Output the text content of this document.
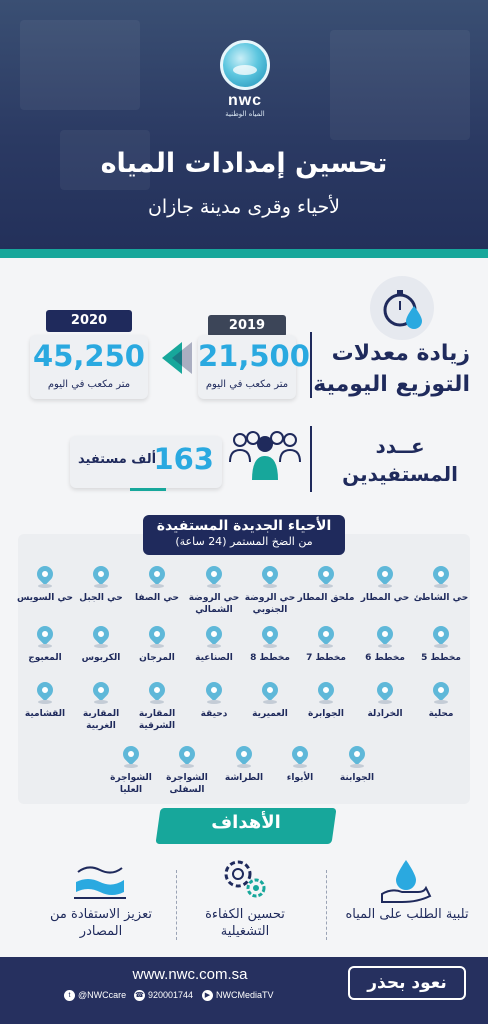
nwc
المياه الوطنية
تحسين إمدادات المياه
لأحياء وقرى مدينة جازان
زيادة معدلات
التوزيع اليومية
2019
21,500
متر مكعب في اليوم
2020
45,250
متر مكعب في اليوم
عــدد
المستفيدين
163
ألف مستفيد
الأحياء الجديدة المستفيدة
من الضخ المستمر (24 ساعة)
حي الشاطئ
حي المطار
ملحق المطار
حي الروضة الجنوبي
حي الروضة الشمالي
حي الصفا
حي الجبل
حي السويس
مخطط 5
مخطط 6
مخطط 7
مخطط 8
الصناعية
المرجان
الكربوس
المعبوج
محلية
الخرادلة
الجوابرة
العميرية
دحيقة
المقاربة الشرقية
المقاربة الغربية
القشامية
الجوابنة
الأبواء
الطراشة
الشواجرة السفلى
الشواجرة العليا
الأهداف
تلبية الطلب على المياه
تحسين الكفاءة التشغيلية
تعزيز الاستفادة من المصادر
نعود بحذر
www.nwc.com.sa
t @NWCcare ☎ 920001744	▶ NWCMediaTV
